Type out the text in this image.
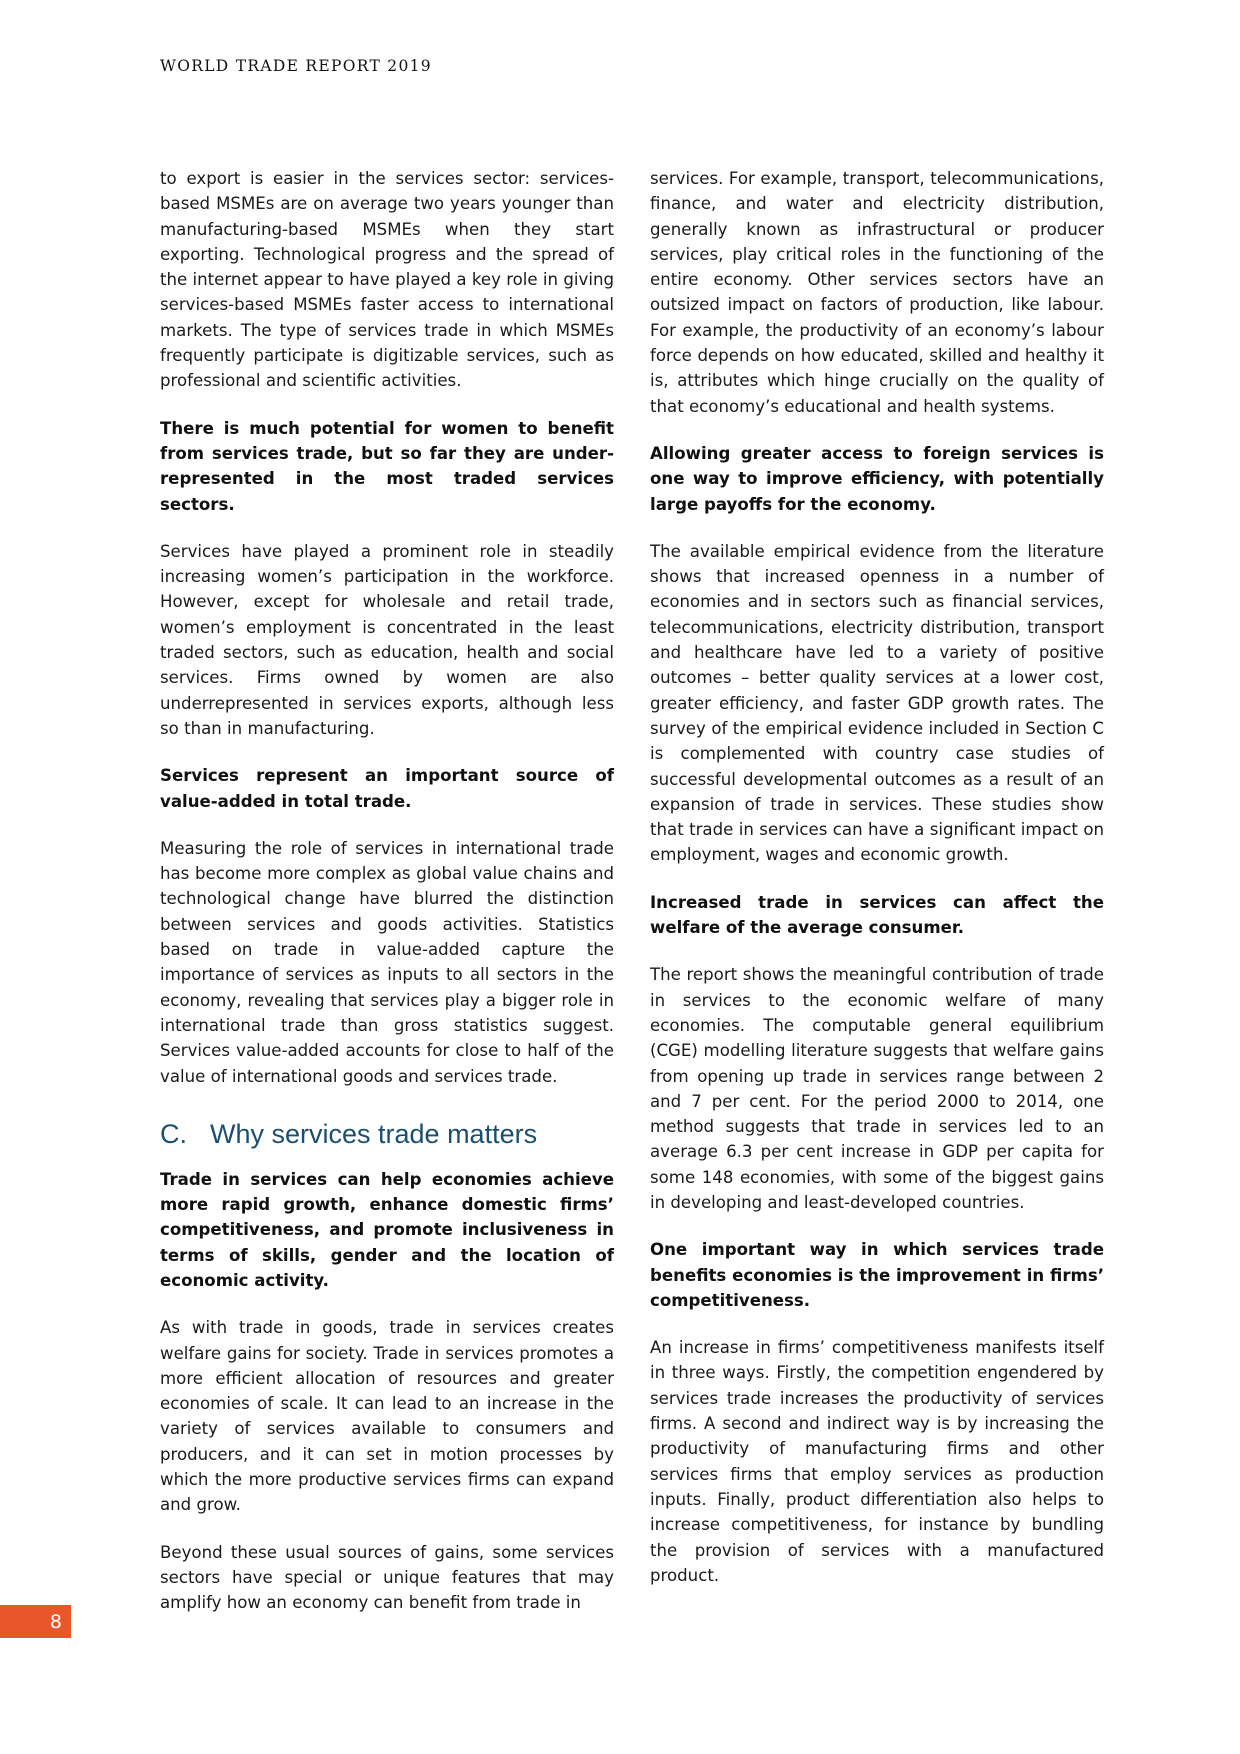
WORLD TRADE REPORT 2019

to export is easier in the services sector: services-based MSMEs are on average two years younger than manufacturing-based MSMEs when they start exporting. Technological progress and the spread of the internet appear to have played a key role in giving services-based MSMEs faster access to international markets. The type of services trade in which MSMEs frequently participate is digitizable services, such as professional and scientific activities.

There is much potential for women to benefit from services trade, but so far they are under-represented in the most traded services sectors.

Services have played a prominent role in steadily increasing women’s participation in the workforce. However, except for wholesale and retail trade, women’s employment is concentrated in the least traded sectors, such as education, health and social services. Firms owned by women are also underrepresented in services exports, although less so than in manufacturing.

Services represent an important source of value-added in total trade.

Measuring the role of services in international trade has become more complex as global value chains and technological change have blurred the distinction between services and goods activities. Statistics based on trade in value-added capture the importance of services as inputs to all sectors in the economy, revealing that services play a bigger role in international trade than gross statistics suggest. Services value-added accounts for close to half of the value of international goods and services trade.

C. Why services trade matters

Trade in services can help economies achieve more rapid growth, enhance domestic firms’ competitiveness, and promote inclusiveness in terms of skills, gender and the location of economic activity.

As with trade in goods, trade in services creates welfare gains for society. Trade in services promotes a more efficient allocation of resources and greater economies of scale. It can lead to an increase in the variety of services available to consumers and producers, and it can set in motion processes by which the more productive services firms can expand and grow.

Beyond these usual sources of gains, some services sectors have special or unique features that may amplify how an economy can benefit from trade in

services. For example, transport, telecommunications, finance, and water and electricity distribution, generally known as infrastructural or producer services, play critical roles in the functioning of the entire economy. Other services sectors have an outsized impact on factors of production, like labour. For example, the productivity of an economy’s labour force depends on how educated, skilled and healthy it is, attributes which hinge crucially on the quality of that economy’s educational and health systems.

Allowing greater access to foreign services is one way to improve efficiency, with potentially large payoffs for the economy.

The available empirical evidence from the literature shows that increased openness in a number of economies and in sectors such as financial services, telecommunications, electricity distribution, transport and healthcare have led to a variety of positive outcomes – better quality services at a lower cost, greater efficiency, and faster GDP growth rates. The survey of the empirical evidence included in Section C is complemented with country case studies of successful developmental outcomes as a result of an expansion of trade in services. These studies show that trade in services can have a significant impact on employment, wages and economic growth.

Increased trade in services can affect the welfare of the average consumer.

The report shows the meaningful contribution of trade in services to the economic welfare of many economies. The computable general equilibrium (CGE) modelling literature suggests that welfare gains from opening up trade in services range between 2 and 7 per cent. For the period 2000 to 2014, one method suggests that trade in services led to an average 6.3 per cent increase in GDP per capita for some 148 economies, with some of the biggest gains in developing and least-developed countries.

One important way in which services trade benefits economies is the improvement in firms’ competitiveness.

An increase in firms’ competitiveness manifests itself in three ways. Firstly, the competition engendered by services trade increases the productivity of services firms. A second and indirect way is by increasing the productivity of manufacturing firms and other services firms that employ services as production inputs. Finally, product differentiation also helps to increase competitiveness, for instance by bundling the provision of services with a manufactured product.

8
